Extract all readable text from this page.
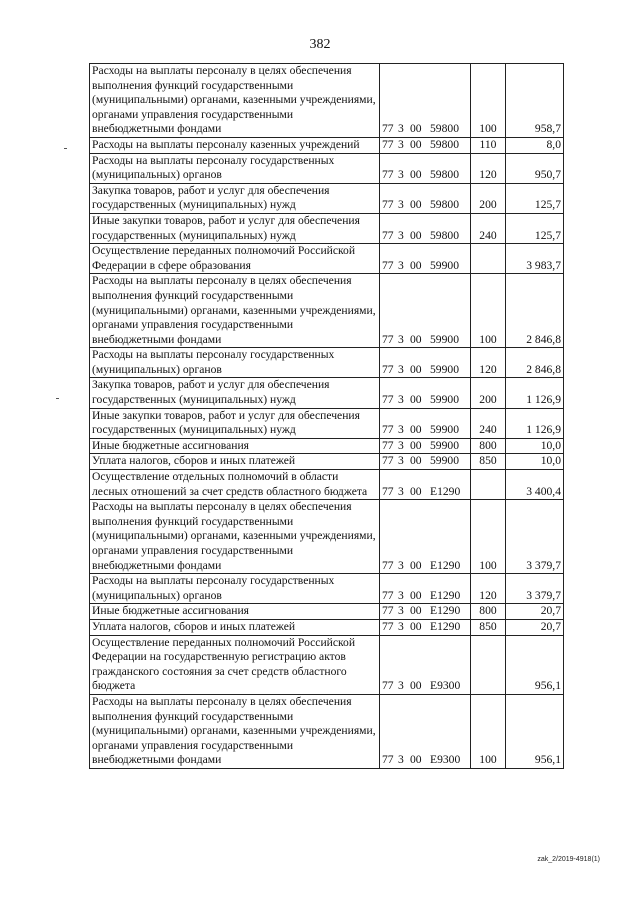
382
Расходы на выплаты персоналу в целях обеспечения выполнения функций государственными (муниципальными) органами, казенными учреждениями, органами управления государственными внебюджетными фондами	77 3 00 59800	100	958,7
Расходы на выплаты персоналу казенных учреждений	77 3 00 59800	110	8,0
Расходы на выплаты персоналу государственных (муниципальных) органов	77 3 00 59800	120	950,7
Закупка товаров, работ и услуг для обеспечения государственных (муниципальных) нужд	77 3 00 59800	200	125,7
Иные закупки товаров, работ и услуг для обеспечения государственных (муниципальных) нужд	77 3 00 59800	240	125,7
Осуществление переданных полномочий Российской Федерации в сфере образования	77 3 00 59900		3 983,7
Расходы на выплаты персоналу в целях обеспечения выполнения функций государственными (муниципальными) органами, казенными учреждениями, органами управления государственными внебюджетными фондами	77 3 00 59900	100	2 846,8
Расходы на выплаты персоналу государственных (муниципальных) органов	77 3 00 59900	120	2 846,8
Закупка товаров, работ и услуг для обеспечения государственных (муниципальных) нужд	77 3 00 59900	200	1 126,9
Иные закупки товаров, работ и услуг для обеспечения государственных (муниципальных) нужд	77 3 00 59900	240	1 126,9
Иные бюджетные ассигнования	77 3 00 59900	800	10,0
Уплата налогов, сборов и иных платежей	77 3 00 59900	850	10,0
Осуществление отдельных полномочий в области лесных отношений за счет средств областного бюджета	77 3 00 E1290		3 400,4
Расходы на выплаты персоналу в целях обеспечения выполнения функций государственными (муниципальными) органами, казенными учреждениями, органами управления государственными внебюджетными фондами	77 3 00 E1290	100	3 379,7
Расходы на выплаты персоналу государственных (муниципальных) органов	77 3 00 E1290	120	3 379,7
Иные бюджетные ассигнования	77 3 00 E1290	800	20,7
Уплата налогов, сборов и иных платежей	77 3 00 E1290	850	20,7
Осуществление переданных полномочий Российской Федерации на государственную регистрацию актов гражданского состояния за счет средств областного бюджета	77 3 00 E9300		956,1
Расходы на выплаты персоналу в целях обеспечения выполнения функций государственными (муниципальными) органами, казенными учреждениями, органами управления государственными внебюджетными фондами	77 3 00 E9300	100	956,1
zak_2/2019-4918(1)
